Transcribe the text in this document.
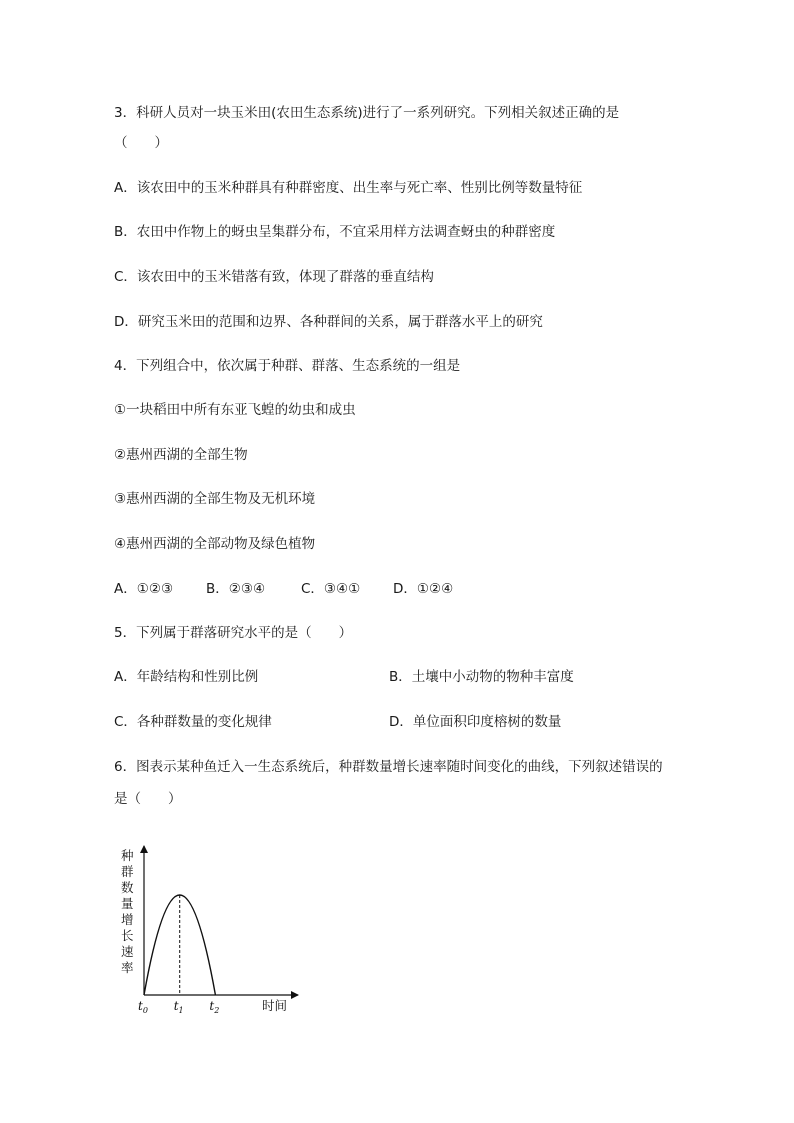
3．科研人员对一块玉米田(农田生态系统)进行了一系列研究。下列相关叙述正确的是
（　　）
A．该农田中的玉米种群具有种群密度、出生率与死亡率、性别比例等数量特征
B．农田中作物上的蚜虫呈集群分布，不宜采用样方法调查蚜虫的种群密度
C．该农田中的玉米错落有致，体现了群落的垂直结构
D．研究玉米田的范围和边界、各种群间的关系，属于群落水平上的研究
4．下列组合中，依次属于种群、群落、生态系统的一组是
①一块稻田中所有东亚飞蝗的幼虫和成虫
②惠州西湖的全部生物
③惠州西湖的全部生物及无机环境
④惠州西湖的全部动物及绿色植物
A．①②③ B．②③④	C．③④① D．①②④
5．下列属于群落研究水平的是（　　）
A．年龄结构和性别比例	B．土壤中小动物的物种丰富度
C．各种群数量的变化规律	D．单位面积印度榕树的数量
6．图表示某种鱼迁入一生态系统后，种群数量增长速率随时间变化的曲线，下列叙述错误的
是（　　）
种
群
数
量
增
长
速
率
$t_0$ $t_1$ $t_2$	时间
